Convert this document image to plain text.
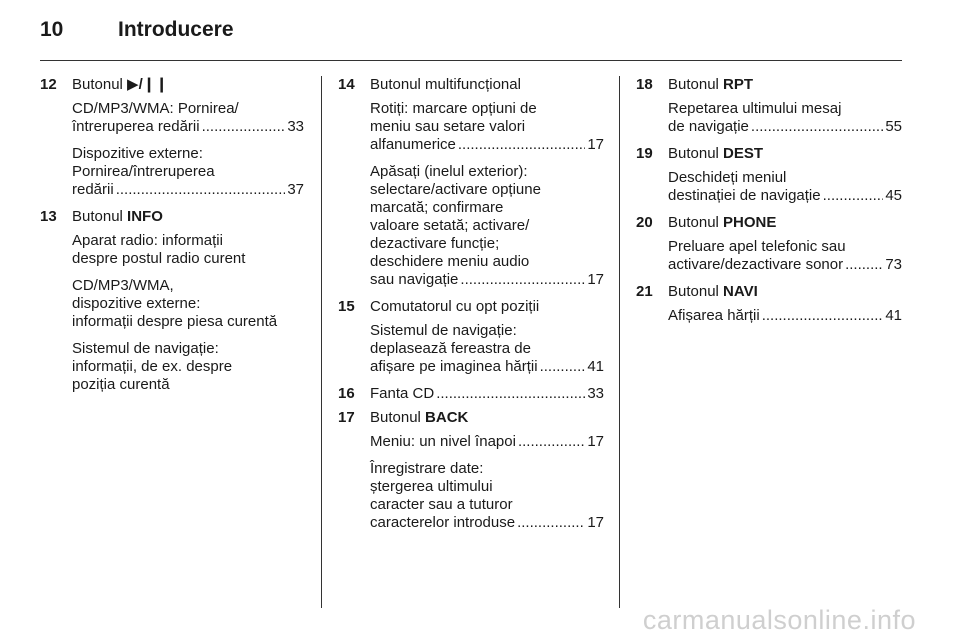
10	Introducere
12 Butonul ▶/❙❙
CD/MP3/WMA: Pornirea/
întreruperea redării .....	33
Dispozitive externe:
Pornirea/întreruperea
redării .....	37
13 Butonul INFO
Aparat radio: informații
despre postul radio curent
CD/MP3/WMA,
dispozitive externe:
informații despre piesa curentă
Sistemul de navigație:
informații, de ex. despre
poziția curentă
14 Butonul multifuncțional
Rotiți: marcare opțiuni de
meniu sau setare valori
alfanumerice .....	17
Apăsați (inelul exterior):
selectare/activare opțiune
marcată; confirmare
valoare setată; activare/
dezactivare funcție;
deschidere meniu audio
sau navigație .....	17
15 Comutatorul cu opt poziții
Sistemul de navigație:
deplasează fereastra de
afișare pe imaginea hărții .....	41
16 Fanta CD .....	33
17 Butonul BACK
Meniu: un nivel înapoi .....	17
Înregistrare date:
ștergerea ultimului
caracter sau a tuturor
caracterelor introduse .....	17
18 Butonul RPT
Repetarea ultimului mesaj
de navigație .....	55
19 Butonul DEST
Deschideți meniul
destinației de navigație .....	45
20 Butonul PHONE
Preluare apel telefonic sau
activare/dezactivare sonor .....	73
21 Butonul NAVI
Afișarea hărții .....	41
carmanualsonline.info
